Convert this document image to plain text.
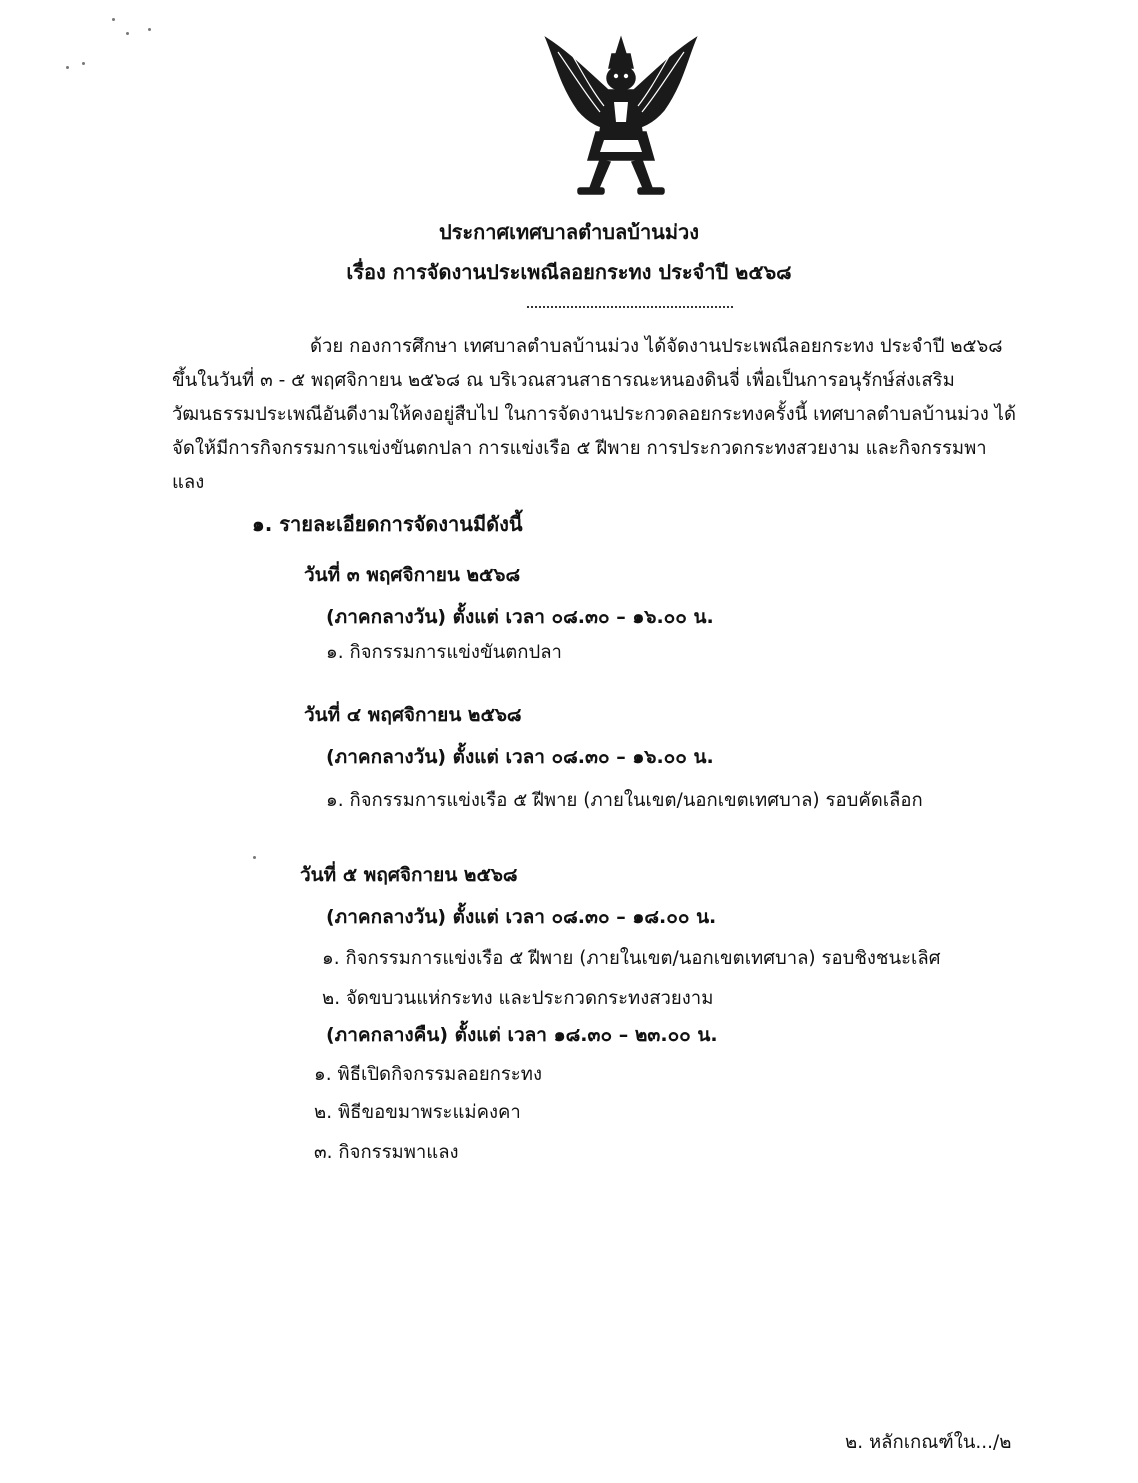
ประกาศเทศบาลตำบลบ้านม่วง
เรื่อง การจัดงานประเพณีลอยกระทง ประจำปี ๒๕๖๘

ด้วย กองการศึกษา เทศบาลตำบลบ้านม่วง ได้จัดงานประเพณีลอยกระทง ประจำปี ๒๕๖๘

ขึ้นในวันที่ ๓ - ๕ พฤศจิกายน ๒๕๖๘ ณ บริเวณสวนสาธารณะหนองดินจี่ เพื่อเป็นการอนุรักษ์ส่งเสริม

วัฒนธรรมประเพณีอันดีงามให้คงอยู่สืบไป ในการจัดงานประกวดลอยกระทงครั้งนี้ เทศบาลตำบลบ้านม่วง ได้

จัดให้มีการกิจกรรมการแข่งขันตกปลา การแข่งเรือ ๕ ฝีพาย การประกวดกระทงสวยงาม และกิจกรรมพา

แลง

๑. รายละเอียดการจัดงานมีดังนี้
วันที่ ๓ พฤศจิกายน ๒๕๖๘
(ภาคกลางวัน) ตั้งแต่ เวลา ๐๘.๓๐ – ๑๖.๐๐ น.
๑. กิจกรรมการแข่งขันตกปลา
วันที่ ๔ พฤศจิกายน ๒๕๖๘
(ภาคกลางวัน) ตั้งแต่ เวลา ๐๘.๓๐ – ๑๖.๐๐ น.
๑. กิจกรรมการแข่งเรือ ๕ ฝีพาย (ภายในเขต/นอกเขตเทศบาล) รอบคัดเลือก
วันที่ ๕ พฤศจิกายน ๒๕๖๘
(ภาคกลางวัน) ตั้งแต่ เวลา ๐๘.๓๐ – ๑๘.๐๐ น.
๑. กิจกรรมการแข่งเรือ ๕ ฝีพาย (ภายในเขต/นอกเขตเทศบาล) รอบชิงชนะเลิศ
๒. จัดขบวนแห่กระทง และประกวดกระทงสวยงาม
(ภาคกลางคืน) ตั้งแต่ เวลา ๑๘.๓๐ – ๒๓.๐๐ น.
๑. พิธีเปิดกิจกรรมลอยกระทง
๒. พิธีขอขมาพระแม่คงคา
๓. กิจกรรมพาแลง
๒. หลักเกณฑ์ใน.../๒
